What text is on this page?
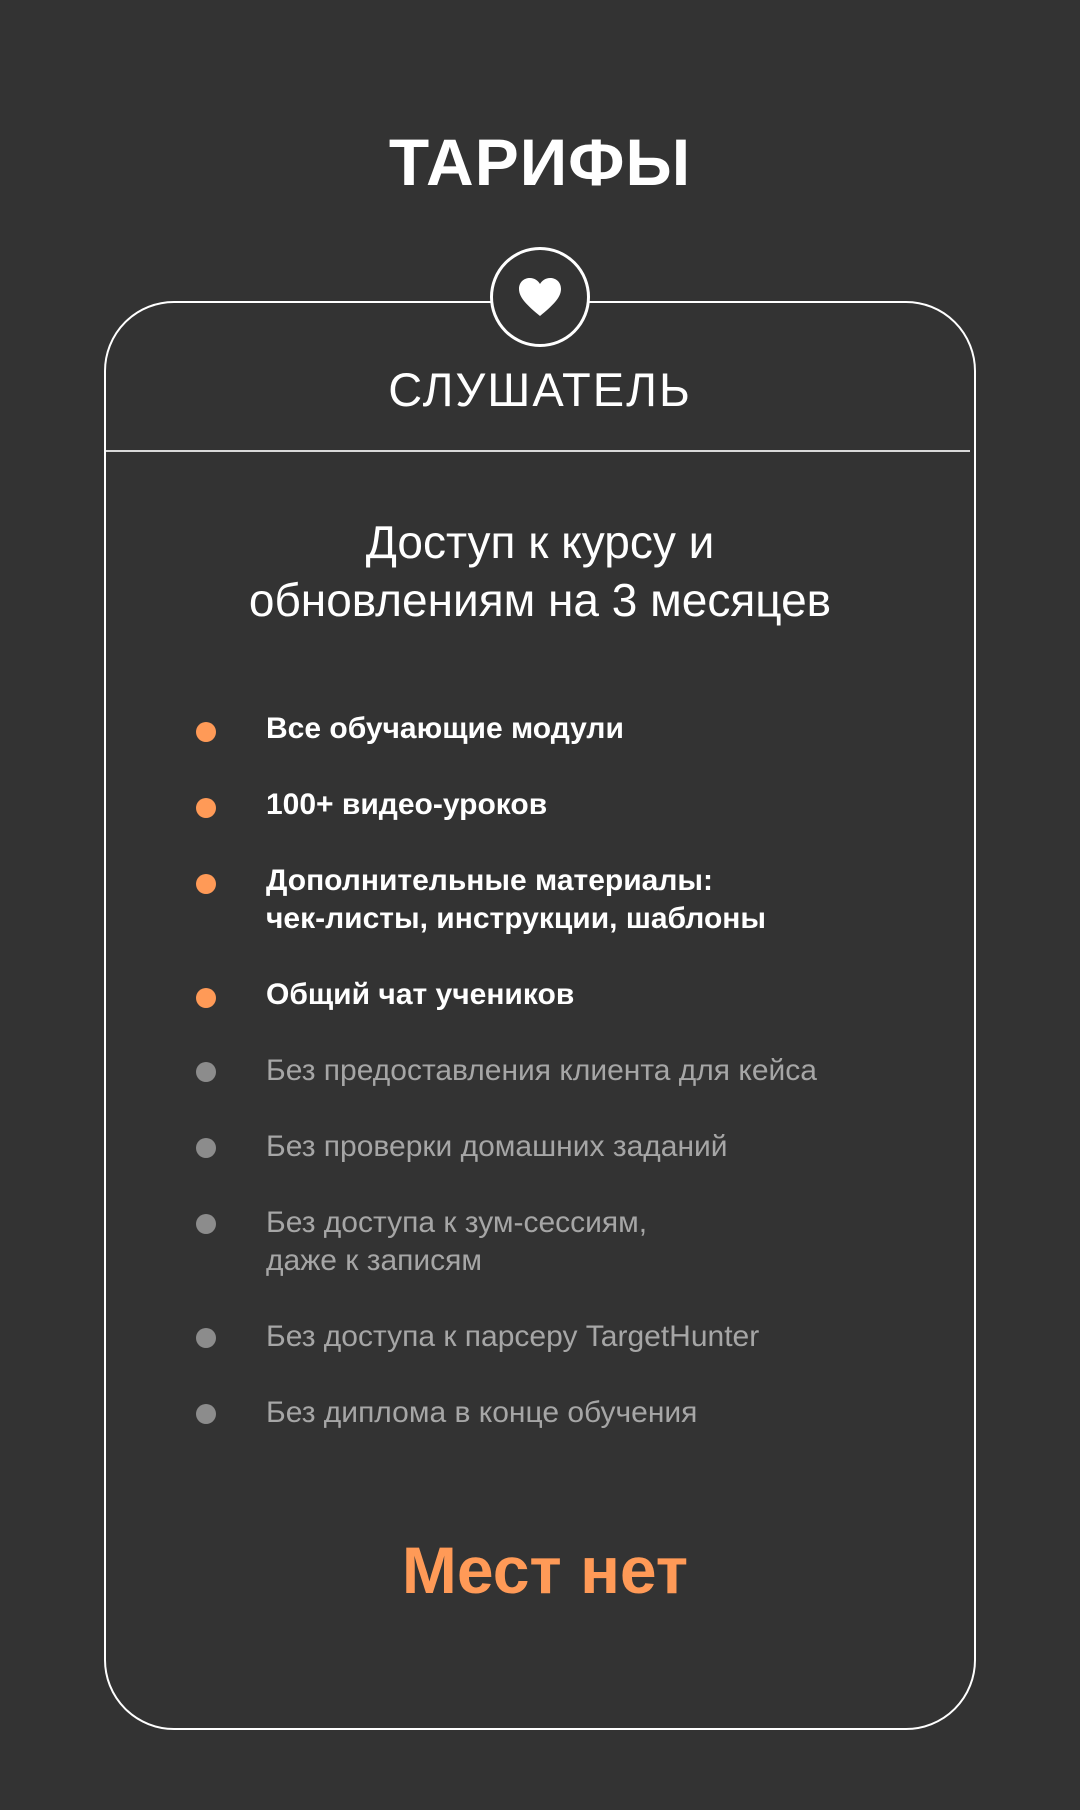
ТАРИФЫ
СЛУШАТЕЛЬ
Доступ к курсу и
обновлениям на 3 месяцев
Все обучающие модули
100+ видео-уроков
Дополнительные материалы:
чек-листы, инструкции, шаблоны
Общий чат учеников
Без предоставления клиента для кейса
Без проверки домашних заданий
Без доступа к зум-сессиям,
даже к записям
Без доступа к парсеру TargetHunter
Без диплома в конце обучения
Мест нет
